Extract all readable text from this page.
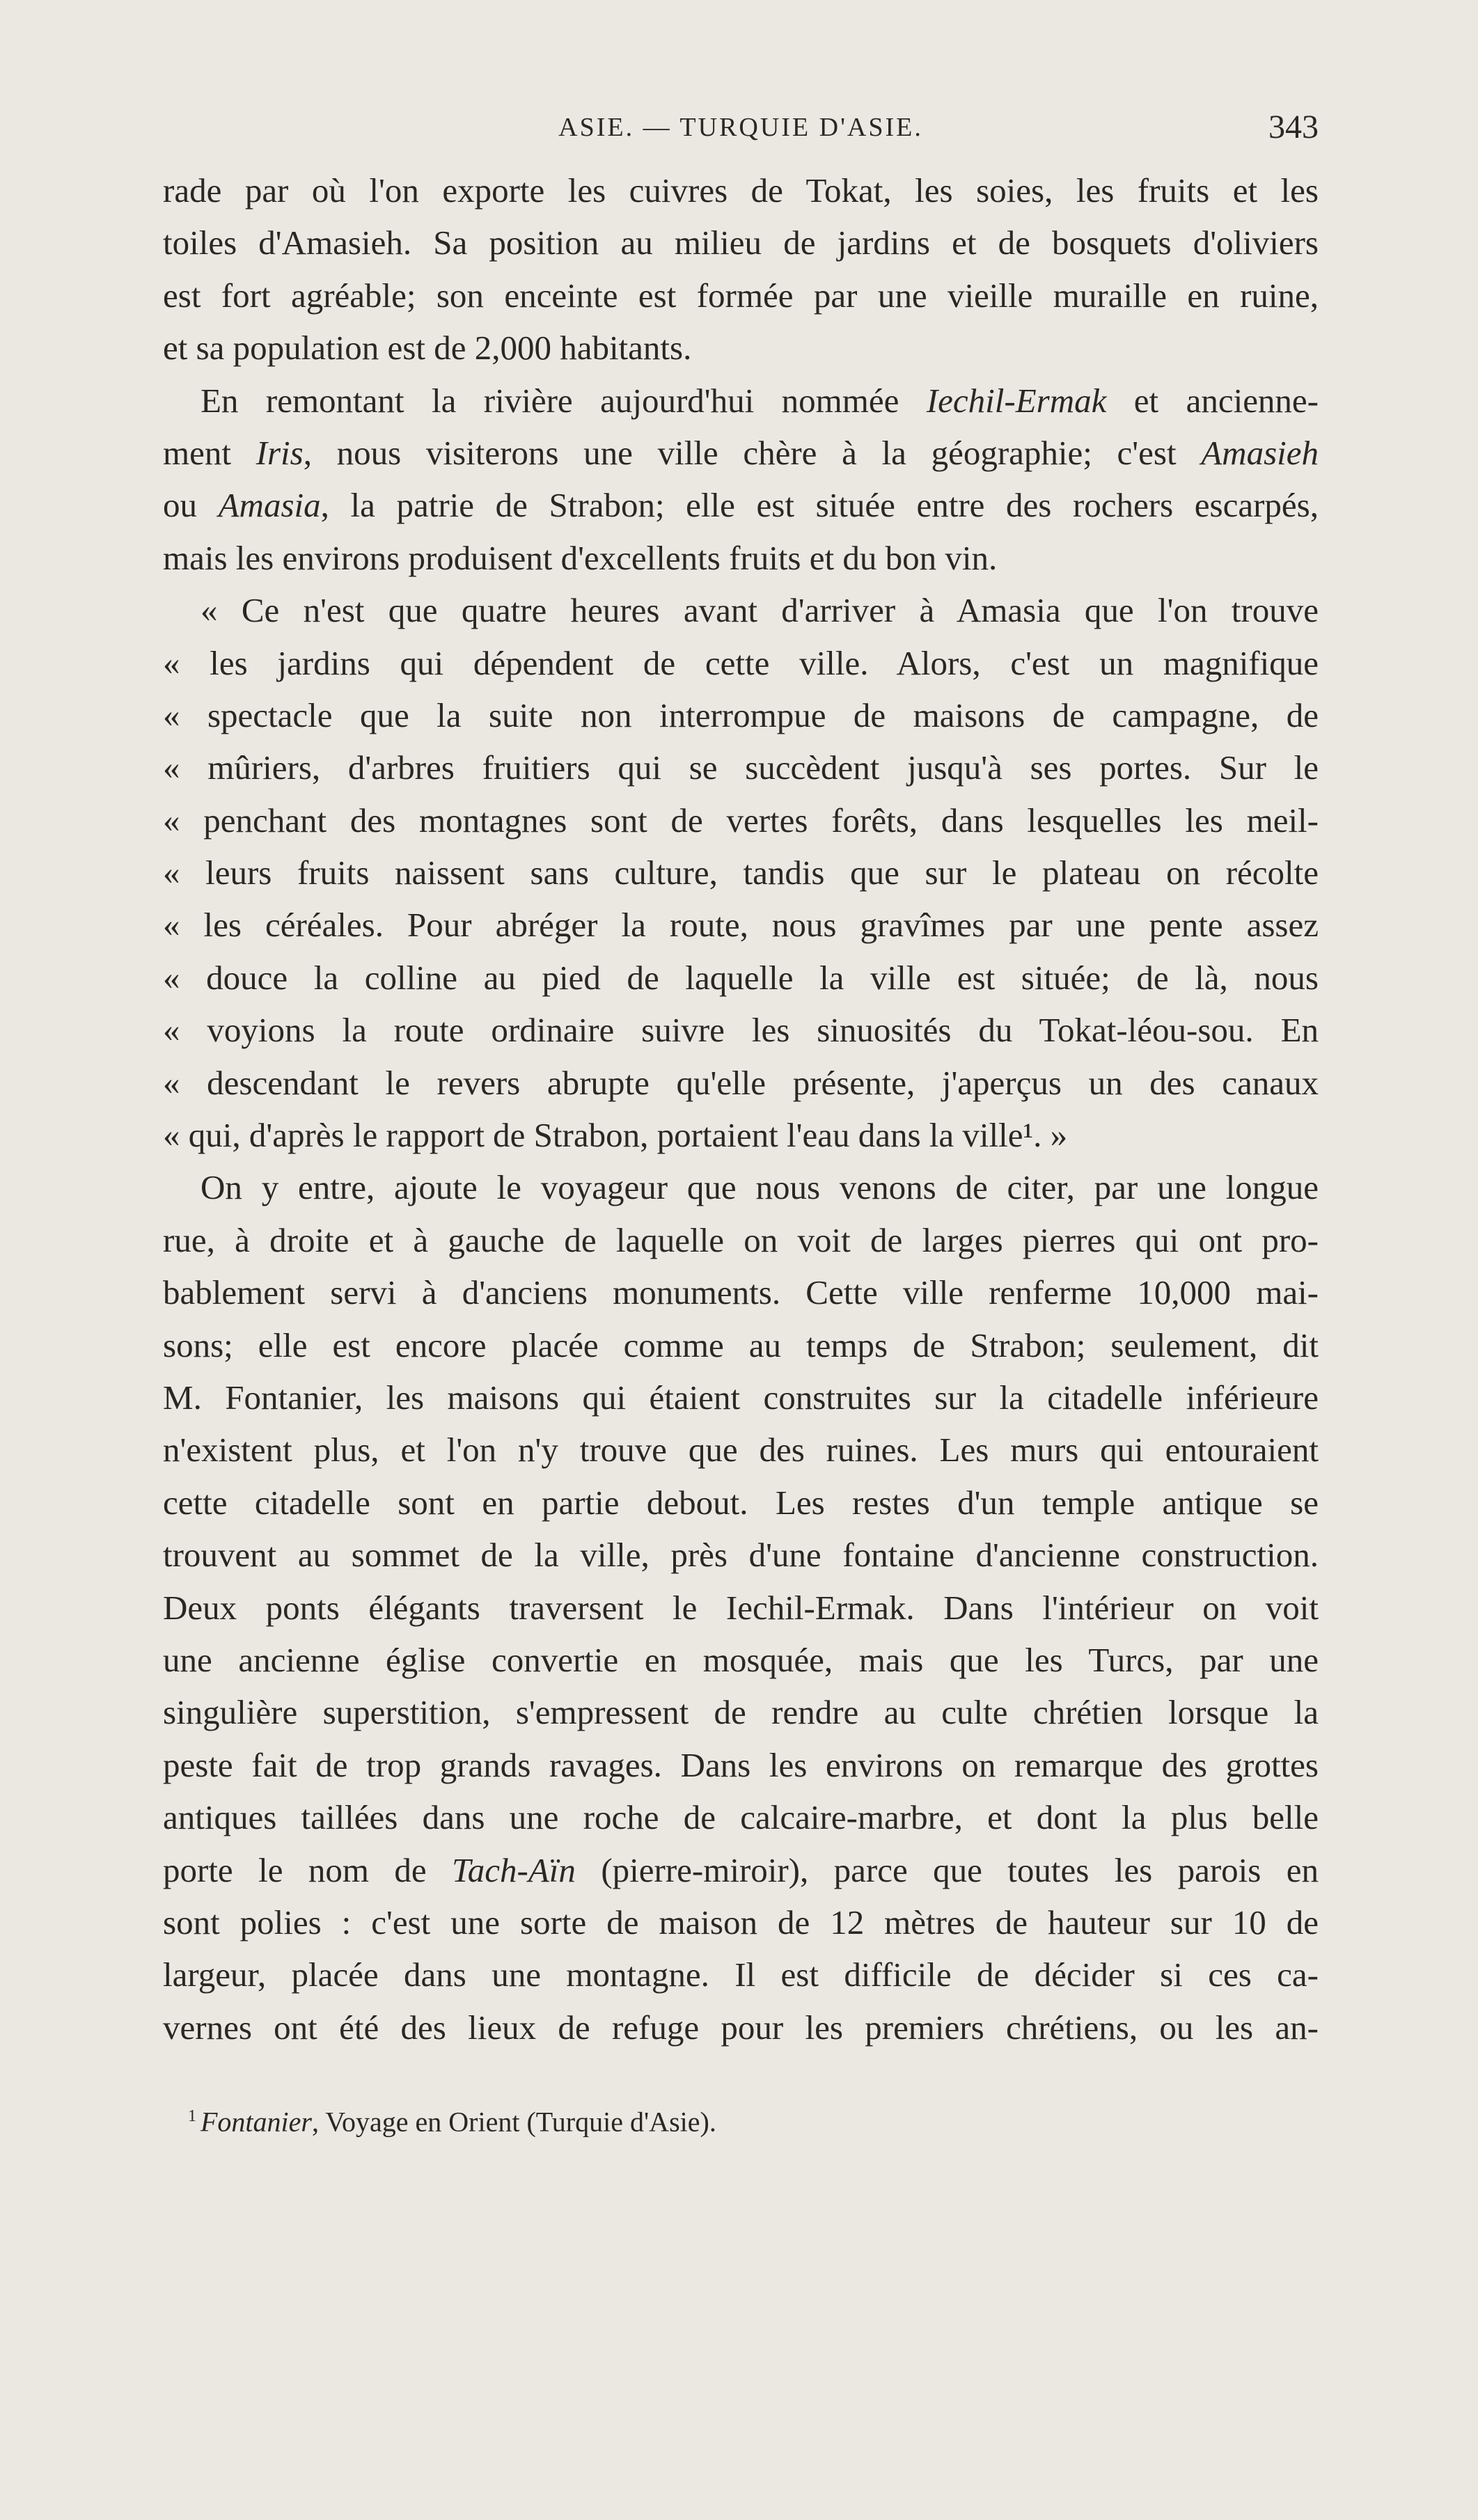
ASIE. — TURQUIE D'ASIE.	343
rade par où l'on exporte les cuivres de Tokat, les soies, les fruits et les
toiles d'Amasieh. Sa position au milieu de jardins et de bosquets d'oliviers
est fort agréable; son enceinte est formée par une vieille muraille en ruine,
et sa population est de 2,000 habitants.
En remontant la rivière aujourd'hui nommée Iechil-Ermak et ancienne-
ment Iris, nous visiterons une ville chère à la géographie; c'est Amasieh
ou Amasia, la patrie de Strabon; elle est située entre des rochers escarpés,
mais les environs produisent d'excellents fruits et du bon vin.
« Ce n'est que quatre heures avant d'arriver à Amasia que l'on trouve
« les jardins qui dépendent de cette ville. Alors, c'est un magnifique
« spectacle que la suite non interrompue de maisons de campagne, de
« mûriers, d'arbres fruitiers qui se succèdent jusqu'à ses portes. Sur le
« penchant des montagnes sont de vertes forêts, dans lesquelles les meil-
« leurs fruits naissent sans culture, tandis que sur le plateau on récolte
« les céréales. Pour abréger la route, nous gravîmes par une pente assez
« douce la colline au pied de laquelle la ville est située; de là, nous
« voyions la route ordinaire suivre les sinuosités du Tokat-léou-sou. En
« descendant le revers abrupte qu'elle présente, j'aperçus un des canaux
« qui, d'après le rapport de Strabon, portaient l'eau dans la ville¹. »
On y entre, ajoute le voyageur que nous venons de citer, par une longue
rue, à droite et à gauche de laquelle on voit de larges pierres qui ont pro-
bablement servi à d'anciens monuments. Cette ville renferme 10,000 mai-
sons; elle est encore placée comme au temps de Strabon; seulement, dit
M. Fontanier, les maisons qui étaient construites sur la citadelle inférieure
n'existent plus, et l'on n'y trouve que des ruines. Les murs qui entouraient
cette citadelle sont en partie debout. Les restes d'un temple antique se
trouvent au sommet de la ville, près d'une fontaine d'ancienne construction.
Deux ponts élégants traversent le Iechil-Ermak. Dans l'intérieur on voit
une ancienne église convertie en mosquée, mais que les Turcs, par une
singulière superstition, s'empressent de rendre au culte chrétien lorsque la
peste fait de trop grands ravages. Dans les environs on remarque des grottes
antiques taillées dans une roche de calcaire-marbre, et dont la plus belle
porte le nom de Tach-Aïn (pierre-miroir), parce que toutes les parois en
sont polies : c'est une sorte de maison de 12 mètres de hauteur sur 10 de
largeur, placée dans une montagne. Il est difficile de décider si ces ca-
vernes ont été des lieux de refuge pour les premiers chrétiens, ou les an-
$^1$ Fontanier, Voyage en Orient (Turquie d'Asie).
